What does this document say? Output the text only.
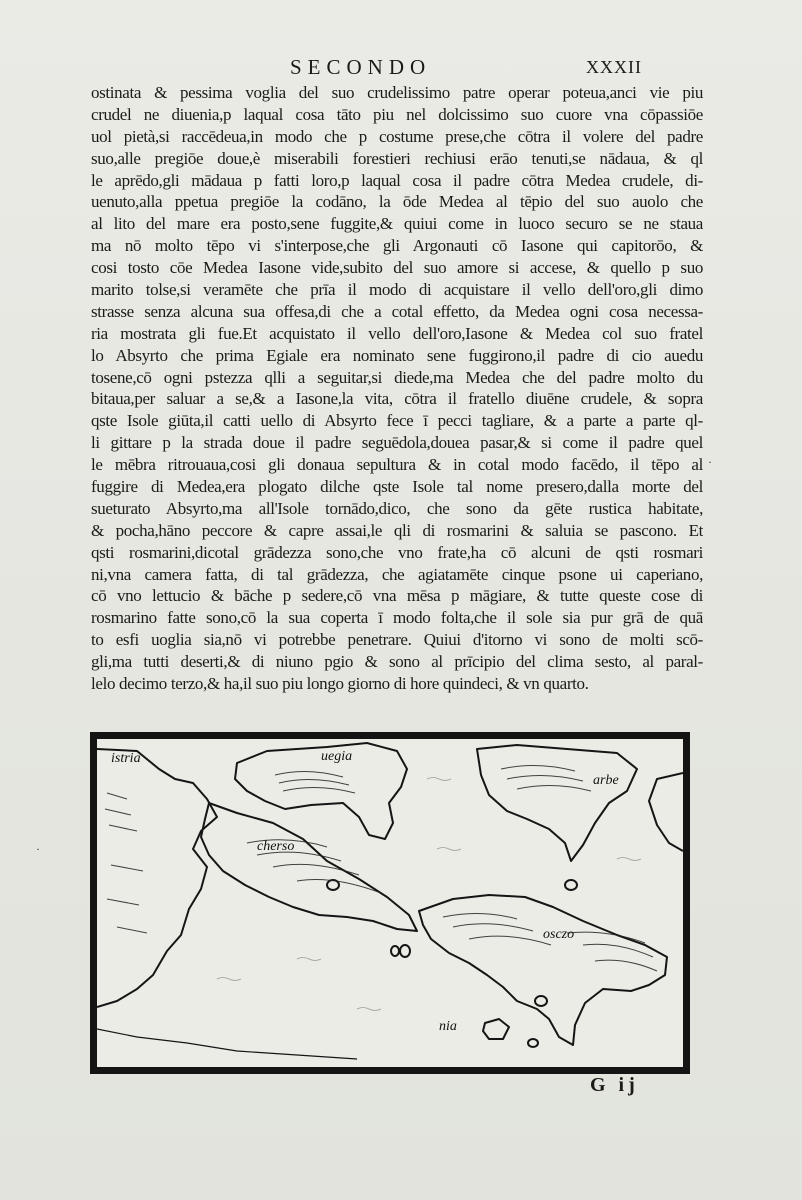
SECONDO	XXXII
ostinata & pessima voglia del suo crudelissimo patre operar poteua,anci vie piu
crudel ne diuenia,p laqual cosa tāto piu nel dolcissimo suo cuore vna cōpassiōe
uol pietà,si raccēdeua,in modo che p costume prese,che cōtra il volere del padre
suo,alle pregiōe doue,è miserabili forestieri rechiusi erāo tenuti,se nādaua, & ql
le aprēdo,gli mādaua p fatti loro,p laqual cosa il padre cōtra Medea crudele, di-
uenuto,alla ppetua pregiōe la codāno, la ōde Medea al tēpio del suo auolo che
al lito del mare era posto,sene fuggite,& quiui come in luoco securo se ne staua
ma nō molto tēpo vi s'interpose,che gli Argonauti cō Iasone qui capitorōo, &
cosi tosto cōe Medea Iasone vide,subito del suo amore si accese, & quello p suo
marito tolse,si veramēte che prīa il modo di acquistare il vello dell'oro,gli dimo
strasse senza alcuna sua offesa,di che a cotal effetto, da Medea ogni cosa necessa-
ria mostrata gli fue.Et acquistato il vello dell'oro,Iasone & Medea col suo fratel
lo Absyrto che prima Egiale era nominato sene fuggirono,il padre di cio auedu
tosene,cō ogni pstezza qlli a seguitar,si diede,ma Medea che del padre molto du
bitaua,per saluar a se,& a Iasone,la vita, cōtra il fratello diuēne crudele, & sopra
qste Isole giūta,il catti uello di Absyrto fece ī pecci tagliare, & a parte a parte ql-
li gittare p la strada doue il padre seguēdola,douea pasar,& si come il padre quel
le mēbra ritrouaua,cosi gli donaua sepultura & in cotal modo facēdo, il tēpo al
fuggire di Medea,era plogato dilche qste Isole tal nome presero,dalla morte del
sueturato Absyrto,ma all'Isole tornādo,dico, che sono da gēte rustica habitate,
& pocha,hāno peccore & capre assai,le qli di rosmarini & saluia se pascono. Et
qsti rosmarini,dicotal grādezza sono,che vno frate,ha cō alcuni de qsti rosmari
ni,vna camera fatta, di tal grādezza, che agiatamēte cinque psone ui caperiano,
cō vno lettucio & bāche p sedere,cō vna mēsa p māgiare, & tutte queste cose di
rosmarino fatte sono,cō la sua coperta ī modo folta,che il sole sia pur grā de quā
to esfi uoglia sia,nō vi potrebbe penetrare. Quiui d'itorno vi sono de molti scō-
gli,ma tutti deserti,& di niuno pgio & sono al prīcipio del clima sesto, al paral-
lelo decimo terzo,& ha,il suo piu longo giorno di hore quindeci, & vn quarto.
·
·
istria	uegia
arbe
cherso
osczo
nia
G ij
